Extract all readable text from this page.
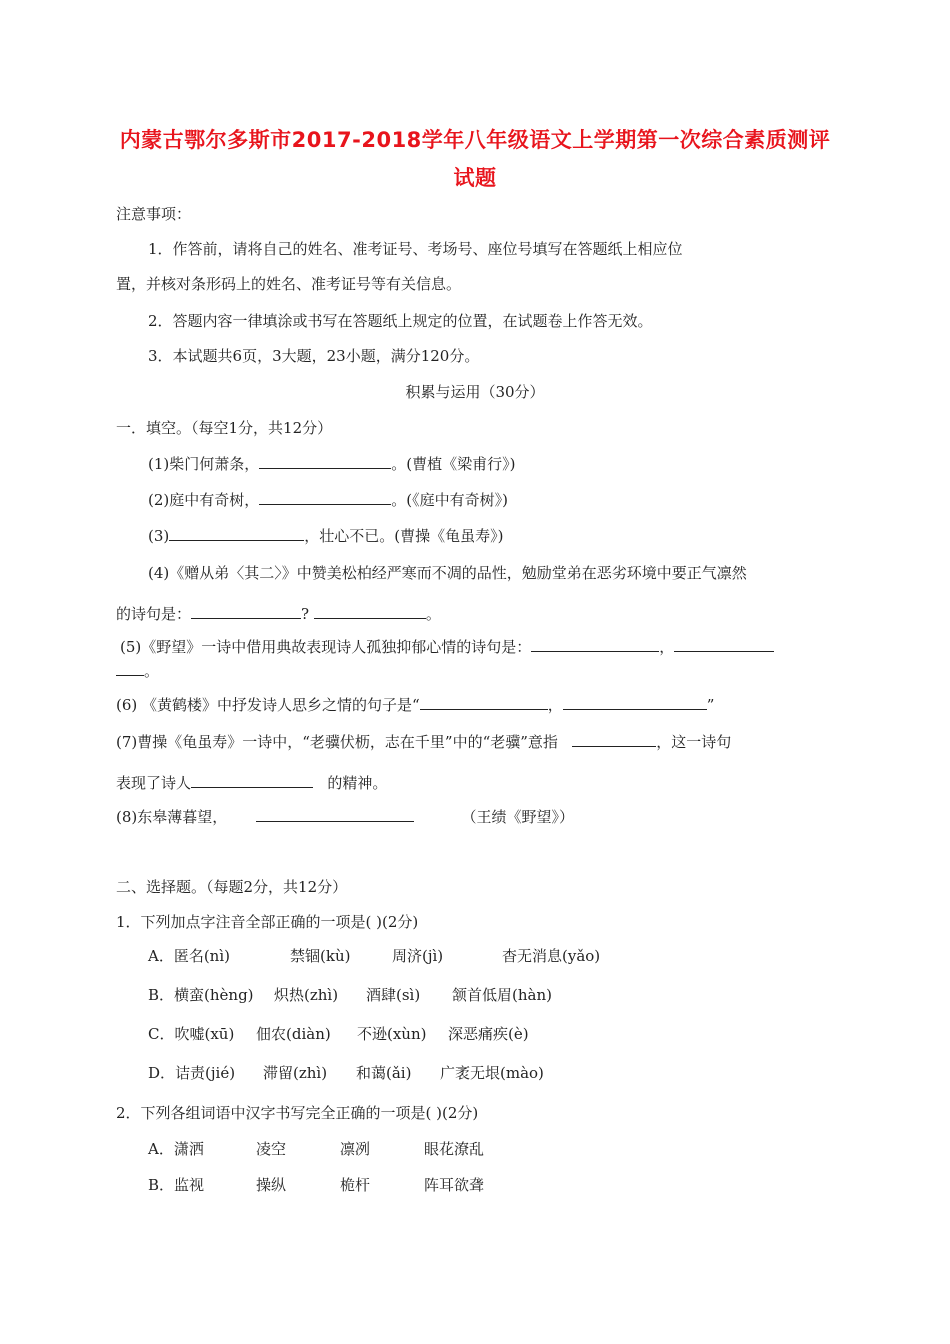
内蒙古鄂尔多斯市2017-2018学年八年级语文上学期第一次综合素质测评
试题
注意事项：
1．作答前，请将自己的姓名、准考证号、考场号、座位号填写在答题纸上相应位
置，并核对条形码上的姓名、准考证号等有关信息。
2．答题内容一律填涂或书写在答题纸上规定的位置，在试题卷上作答无效。
3．本试题共6页，3大题，23小题，满分120分。
积累与运用（30分）
一．填空。（每空1分，共12分）
(1)柴门何萧条，	。(曹植《梁甫行》)
(2)庭中有奇树，	。(《庭中有奇树》)
(3)	，壮心不已。(曹操《龟虽寿》)
(4)《赠从弟〈其二〉》中赞美松柏经严寒而不凋的品性，勉励堂弟在恶劣环境中要正气凛然
的诗句是：	?	。
(5)《野望》一诗中借用典故表现诗人孤独抑郁心情的诗句是：	，
。
(6) 《黄鹤楼》中抒发诗人思乡之情的句子是“	，	”
(7)曹操《龟虽寿》一诗中，“老骥伏枥，志在千里”中的“老骥”意指	，这一诗句
表现了诗人	的精神。
(8)东皋薄暮望，	（王绩《野望》）
二、选择题。（每题2分，共12分）
1．下列加点字注音全部正确的一项是( )(2分)
A．匿名(nì)	禁锢(kù)	周济(jì)	杳无消息(yǎo)
B．横蛮(hèng) 炽热(zhì) 酒肆(sì) 颔首低眉(hàn)
C．吹嘘(xū) 佃农(diàn) 不逊(xùn) 深恶痛疾(è)
D．诘责(jié) 滞留(zhì) 和蔼(ǎi) 广袤无垠(mào)
2．下列各组词语中汉字书写完全正确的一项是( )(2分)
A．潇洒	凌空	凛冽	眼花潦乱
B．监视	操纵	桅杆	阵耳欲聋
